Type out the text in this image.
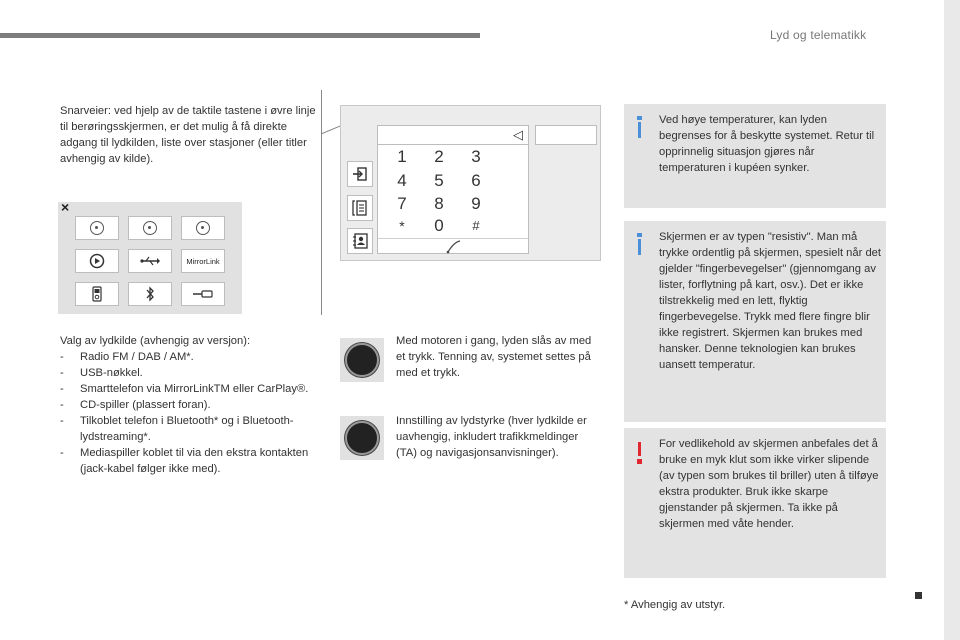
Lyd og telematikk
Snarveier: ved hjelp av de taktile tastene i øvre linje til berøringsskjermen, er det mulig å få direkte adgang til lydkilden, liste over stasjoner (eller titler avhengig av kilde).
×
MirrorLink
◁
1	2	3
4	5	6
7	8	9
*	0	#

Valg av lydkilde (avhengig av versjon):

-	Radio FM / DAB / AM*.
-	USB-nøkkel.
-	Smarttelefon via MirrorLinkTM eller CarPlay®.
-	CD-spiller (plassert foran).
-	Tilkoblet telefon i Bluetooth* og i Bluetooth-lydstreaming*.
-	Mediaspiller koblet til via den ekstra kontakten (jack-kabel følger ikke med).
Med motoren i gang, lyden slås av med et trykk. Tenning av, systemet settes på med et trykk.
Innstilling av lydstyrke (hver lydkilde er uavhengig, inkludert trafikkmeldinger (TA) og navigasjonsanvisninger).
Ved høye temperaturer, kan lyden begrenses for å beskytte systemet. Retur til opprinnelig situasjon gjøres når temperaturen i kupéen synker.
Skjermen er av typen "resistiv". Man må trykke ordentlig på skjermen, spesielt når det gjelder "fingerbevegelser" (gjennomgang av lister, forflytning på kart, osv.). Det er ikke tilstrekkelig med en lett, flyktig fingerbevegelse. Trykk med flere fingre blir ikke registrert. Skjermen kan brukes med hansker. Denne teknologien kan brukes uansett temperatur.
For vedlikehold av skjermen anbefales det å bruke en myk klut som ikke virker slipende (av typen som brukes til briller) uten å tilføye ekstra produkter. Bruk ikke skarpe gjenstander på skjermen. Ta ikke på skjermen med våte hender.
* Avhengig av utstyr.
